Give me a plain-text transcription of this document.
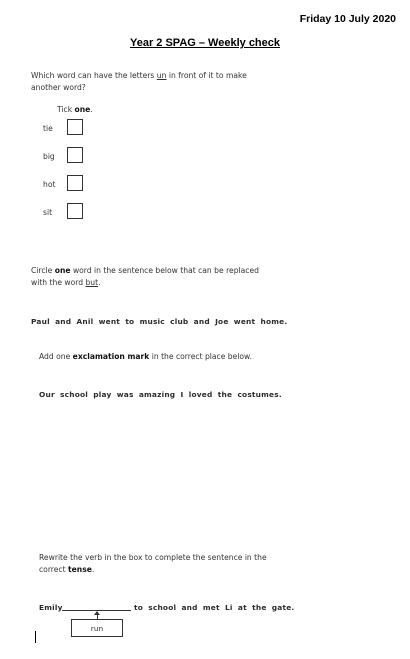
Friday 10 July 2020
Year 2 SPAG – Weekly check
Which word can have the letters un in front of it to make
another word?
Tick one.
tie
big
hot
sit
Circle one word in the sentence below that can be replaced
with the word but.
Paul and Anil went to music club and Joe went home.
Add one exclamation mark in the correct place below.
Our school play was amazing I loved the costumes.
Rewrite the verb in the box to complete the sentence in the
correct tense.
Emily	to school and met Li at the gate.
run
